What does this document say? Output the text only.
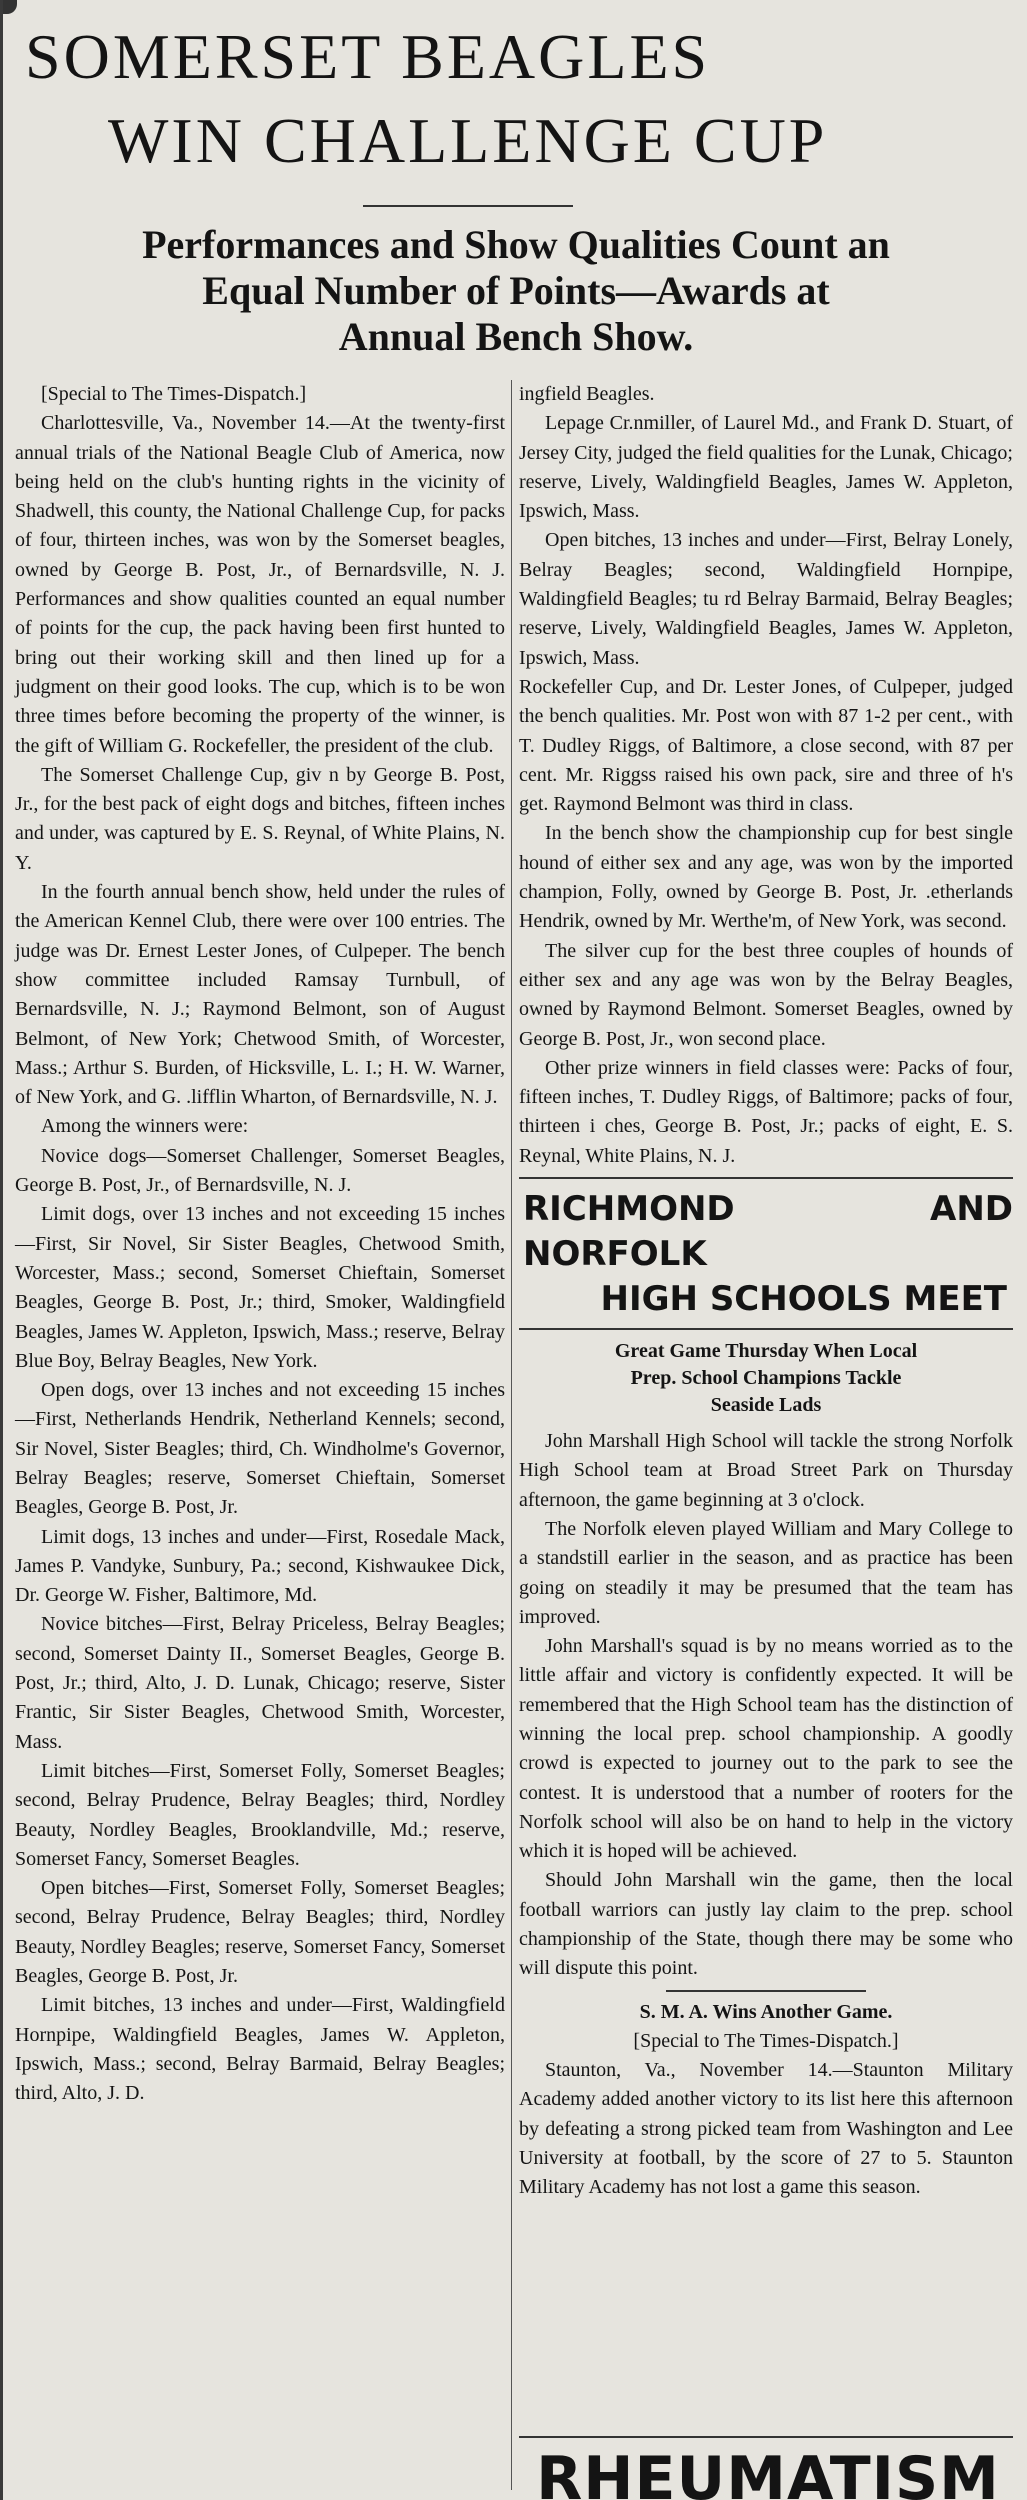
SOMERSET BEAGLES
WIN CHALLENGE CUP
Performances and Show Qualities Count an
Equal Number of Points—Awards at
Annual Bench Show.

[Special to The Times-Dispatch.]

Charlottesville, Va., November 14.—At the twenty-first annual trials of the National Beagle Club of America, now being held on the club's hunting rights in the vicinity of Shadwell, this county, the National Challenge Cup, for packs of four, thirteen inches, was won by the Somerset beagles, owned by George B. Post, Jr., of Bernardsville, N. J. Performances and show qualities counted an equal number of points for the cup, the pack having been first hunted to bring out their working skill and then lined up for a judgment on their good looks. The cup, which is to be won three times before becoming the property of the winner, is the gift of William G. Rockefeller, the president of the club.

The Somerset Challenge Cup, giv n by George B. Post, Jr., for the best pack of eight dogs and bitches, fifteen inches and under, was captured by E. S. Reynal, of White Plains, N. Y.

In the fourth annual bench show, held under the rules of the American Kennel Club, there were over 100 entries. The judge was Dr. Ernest Lester Jones, of Culpeper. The bench show committee included Ramsay Turnbull, of Bernardsville, N. J.; Raymond Belmont, son of August Belmont, of New York; Chetwood Smith, of Worcester, Mass.; Arthur S. Burden, of Hicksville, L. I.; H. W. Warner, of New York, and G. .lifflin Wharton, of Bernardsville, N. J.

Among the winners were:

Novice dogs—Somerset Challenger, Somerset Beagles, George B. Post, Jr., of Bernardsville, N. J.

Limit dogs, over 13 inches and not exceeding 15 inches—First, Sir Novel, Sir Sister Beagles, Chetwood Smith, Worcester, Mass.; second, Somerset Chieftain, Somerset Beagles, George B. Post, Jr.; third, Smoker, Waldingfield Beagles, James W. Appleton, Ipswich, Mass.; reserve, Belray Blue Boy, Belray Beagles, New York.

Open dogs, over 13 inches and not exceeding 15 inches—First, Netherlands Hendrik, Netherland Kennels; second, Sir Novel, Sister Beagles; third, Ch. Windholme's Governor, Belray Beagles; reserve, Somerset Chieftain, Somerset Beagles, George B. Post, Jr.

Limit dogs, 13 inches and under—First, Rosedale Mack, James P. Vandyke, Sunbury, Pa.; second, Kishwaukee Dick, Dr. George W. Fisher, Baltimore, Md.

Novice bitches—First, Belray Priceless, Belray Beagles; second, Somerset Dainty II., Somerset Beagles, George B. Post, Jr.; third, Alto, J. D. Lunak, Chicago; reserve, Sister Frantic, Sir Sister Beagles, Chetwood Smith, Worcester, Mass.

Limit bitches—First, Somerset Folly, Somerset Beagles; second, Belray Prudence, Belray Beagles; third, Nordley Beauty, Nordley Beagles, Brooklandville, Md.; reserve, Somerset Fancy, Somerset Beagles.

Open bitches—First, Somerset Folly, Somerset Beagles; second, Belray Prudence, Belray Beagles; third, Nordley Beauty, Nordley Beagles; reserve, Somerset Fancy, Somerset Beagles, George B. Post, Jr.

Limit bitches, 13 inches and under—First, Waldingfield Hornpipe, Waldingfield Beagles, James W. Appleton, Ipswich, Mass.; second, Belray Barmaid, Belray Beagles; third, Alto, J. D.

ingfield Beagles.

Lepage Cr.nmiller, of Laurel Md., and Frank D. Stuart, of Jersey City, judged the field qualities for the Lunak, Chicago; reserve, Lively, Waldingfield Beagles, James W. Appleton, Ipswich, Mass.

Open bitches, 13 inches and under—First, Belray Lonely, Belray Beagles; second, Waldingfield Hornpipe, Waldingfield Beagles; tu rd Belray Barmaid, Belray Beagles; reserve, Lively, Waldingfield Beagles, James W. Appleton, Ipswich, Mass.

Rockefeller Cup, and Dr. Lester Jones, of Culpeper, judged the bench qualities. Mr. Post won with 87 1-2 per cent., with T. Dudley Riggs, of Baltimore, a close second, with 87 per cent. Mr. Riggss raised his own pack, sire and three of h's get. Raymond Belmont was third in class.

In the bench show the championship cup for best single hound of either sex and any age, was won by the imported champion, Folly, owned by George B. Post, Jr. .etherlands Hendrik, owned by Mr. Werthe'm, of New York, was second.

The silver cup for the best three couples of hounds of either sex and any age was won by the Belray Beagles, owned by Raymond Belmont. Somerset Beagles, owned by George B. Post, Jr., won second place.

Other prize winners in field classes were: Packs of four, fifteen inches, T. Dudley Riggs, of Baltimore; packs of four, thirteen i ches, George B. Post, Jr.; packs of eight, E. S. Reynal, White Plains, N. J.

RICHMOND AND NORFOLK
HIGH SCHOOLS MEET
Great Game Thursday When Local
Prep. School Champions Tackle
Seaside Lads

John Marshall High School will tackle the strong Norfolk High School team at Broad Street Park on Thursday afternoon, the game beginning at 3 o'clock.

The Norfolk eleven played William and Mary College to a standstill earlier in the season, and as practice has been going on steadily it may be presumed that the team has improved.

John Marshall's squad is by no means worried as to the little affair and victory is confidently expected. It will be remembered that the High School team has the distinction of winning the local prep. school championship. A goodly crowd is expected to journey out to the park to see the contest. It is understood that a number of rooters for the Norfolk school will also be on hand to help in the victory which it is hoped will be achieved.

Should John Marshall win the game, then the local football warriors can justly lay claim to the prep. school championship of the State, though there may be some who will dispute this point.

S. M. A. Wins Another Game.

[Special to The Times-Dispatch.]

Staunton, Va., November 14.—Staunton Military Academy added another victory to its list here this afternoon by defeating a strong picked team from Washington and Lee University at football, by the score of 27 to 5. Staunton Military Academy has not lost a game this season.

RHEUMATISM
